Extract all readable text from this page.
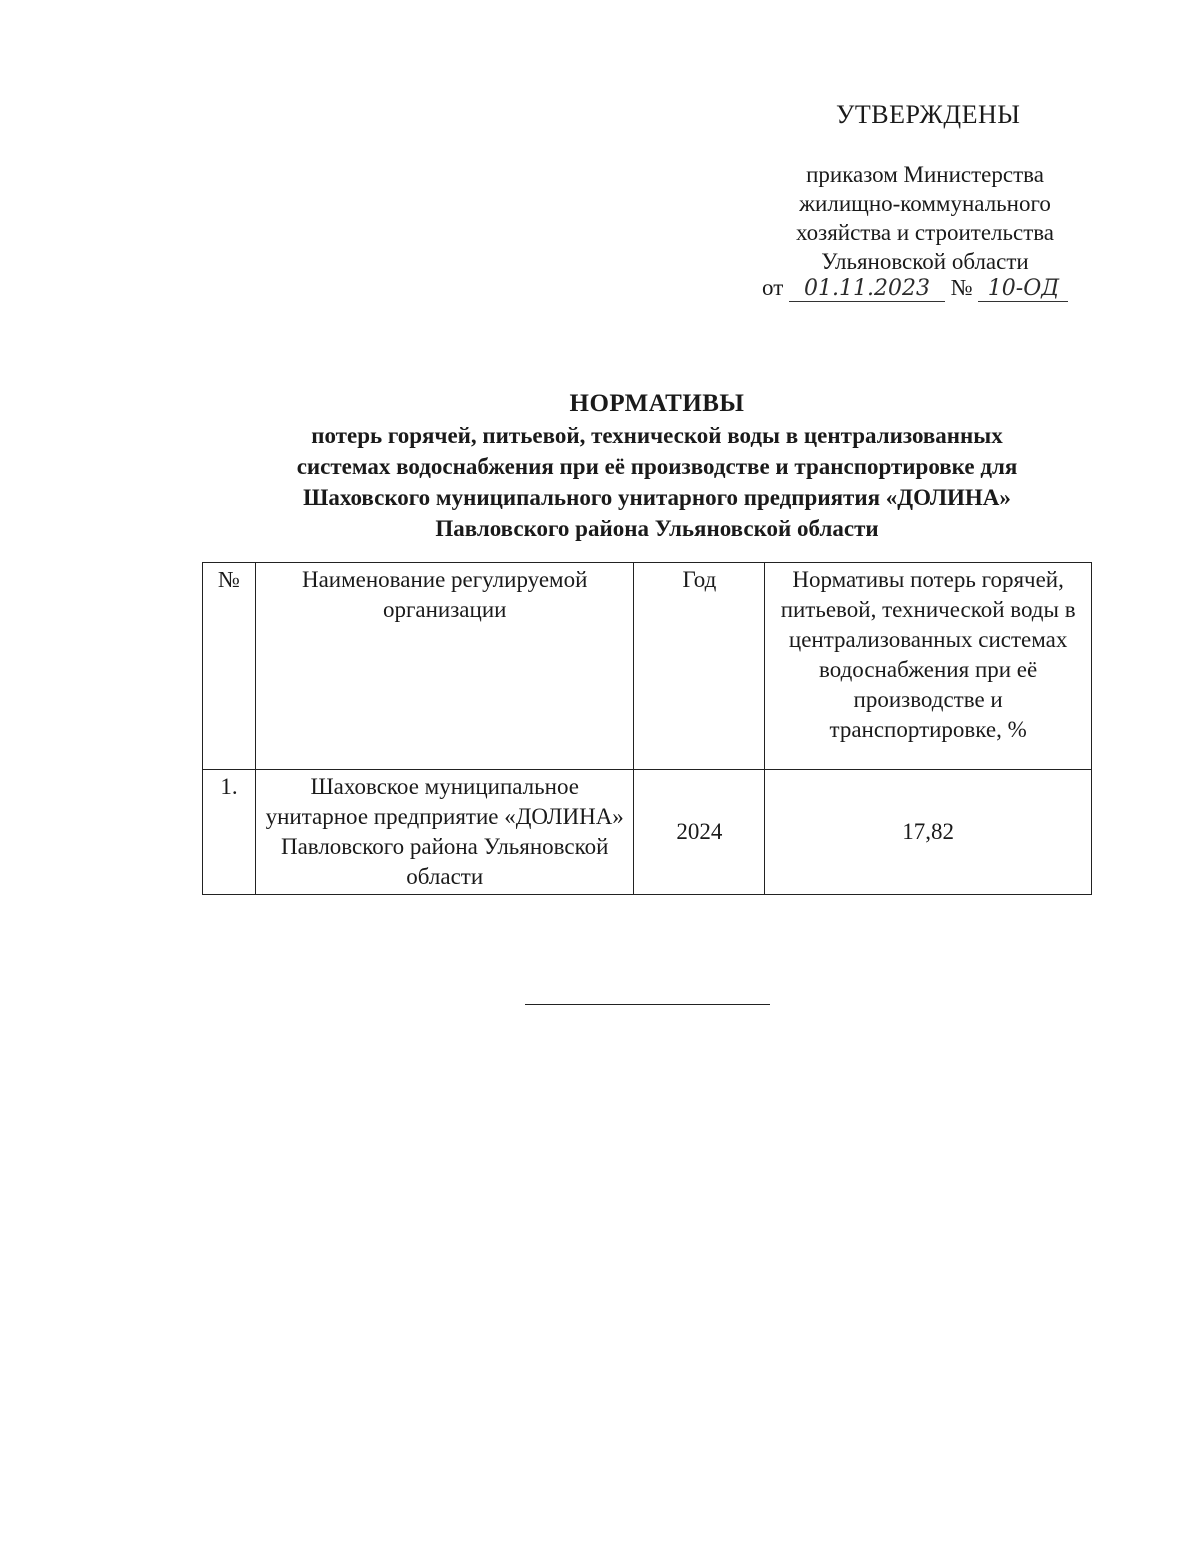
УТВЕРЖДЕНЫ
приказом Министерства
жилищно-коммунального
хозяйства и строительства
Ульяновской области
от 01.11.2023 № 10-ОД
НОРМАТИВЫ
потерь горячей, питьевой, технической воды в централизованных
системах водоснабжения при её производстве и транспортировке для
Шаховского муниципального унитарного предприятия «ДОЛИНА»
Павловского района Ульяновской области
№	Наименование регулируемой организации	Год	Нормативы потерь горячей, питьевой, технической воды в централизованных системах водоснабжения при её производстве и транспортировке, %
1.	Шаховское муниципальное унитарное предприятие «ДОЛИНА» Павловского района Ульяновской области	2024	17,82
